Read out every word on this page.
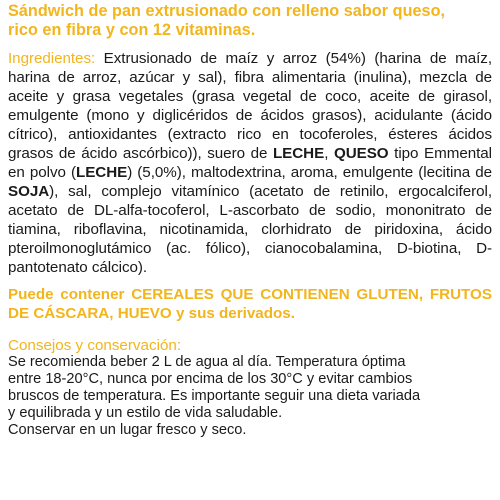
Sándwich de pan extrusionado con relleno sabor queso,
rico en fibra y con 12 vitaminas.
Ingredientes: Extrusionado de maíz y arroz (54%) (harina de maíz, harina de arroz, azúcar y sal), fibra alimentaria (inulina), mezcla de aceite y grasa vegetales (grasa vegetal de coco, aceite de girasol, emulgente (mono y diglicéridos de ácidos grasos), acidulante (ácido cítrico), antioxidantes (extracto rico en tocoferoles, ésteres ácidos grasos de ácido ascórbico)), suero de LECHE, QUESO tipo Emmental en polvo (LECHE) (5,0%), maltodextrina, aroma, emulgente (lecitina de SOJA), sal, complejo vitamínico (acetato de retinilo, ergocalciferol, acetato de DL-alfa-tocoferol, L-ascorbato de sodio, mononitrato de tiamina, riboflavina, nicotinamida, clorhidrato de piridoxina, ácido pteroilmonoglutámico (ac. fólico), cianocobalamina, D-biotina, D-pantotenato cálcico).
Puede contener CEREALES QUE CONTIENEN GLUTEN, FRUTOS DE CÁSCARA, HUEVO y sus derivados.
Consejos y conservación:
Se recomienda beber 2 L de agua al día. Temperatura óptima
entre 18-20°C, nunca por encima de los 30°C y evitar cambios
bruscos de temperatura. Es importante seguir una dieta variada
y equilibrada y un estilo de vida saludable.
Conservar en un lugar fresco y seco.
